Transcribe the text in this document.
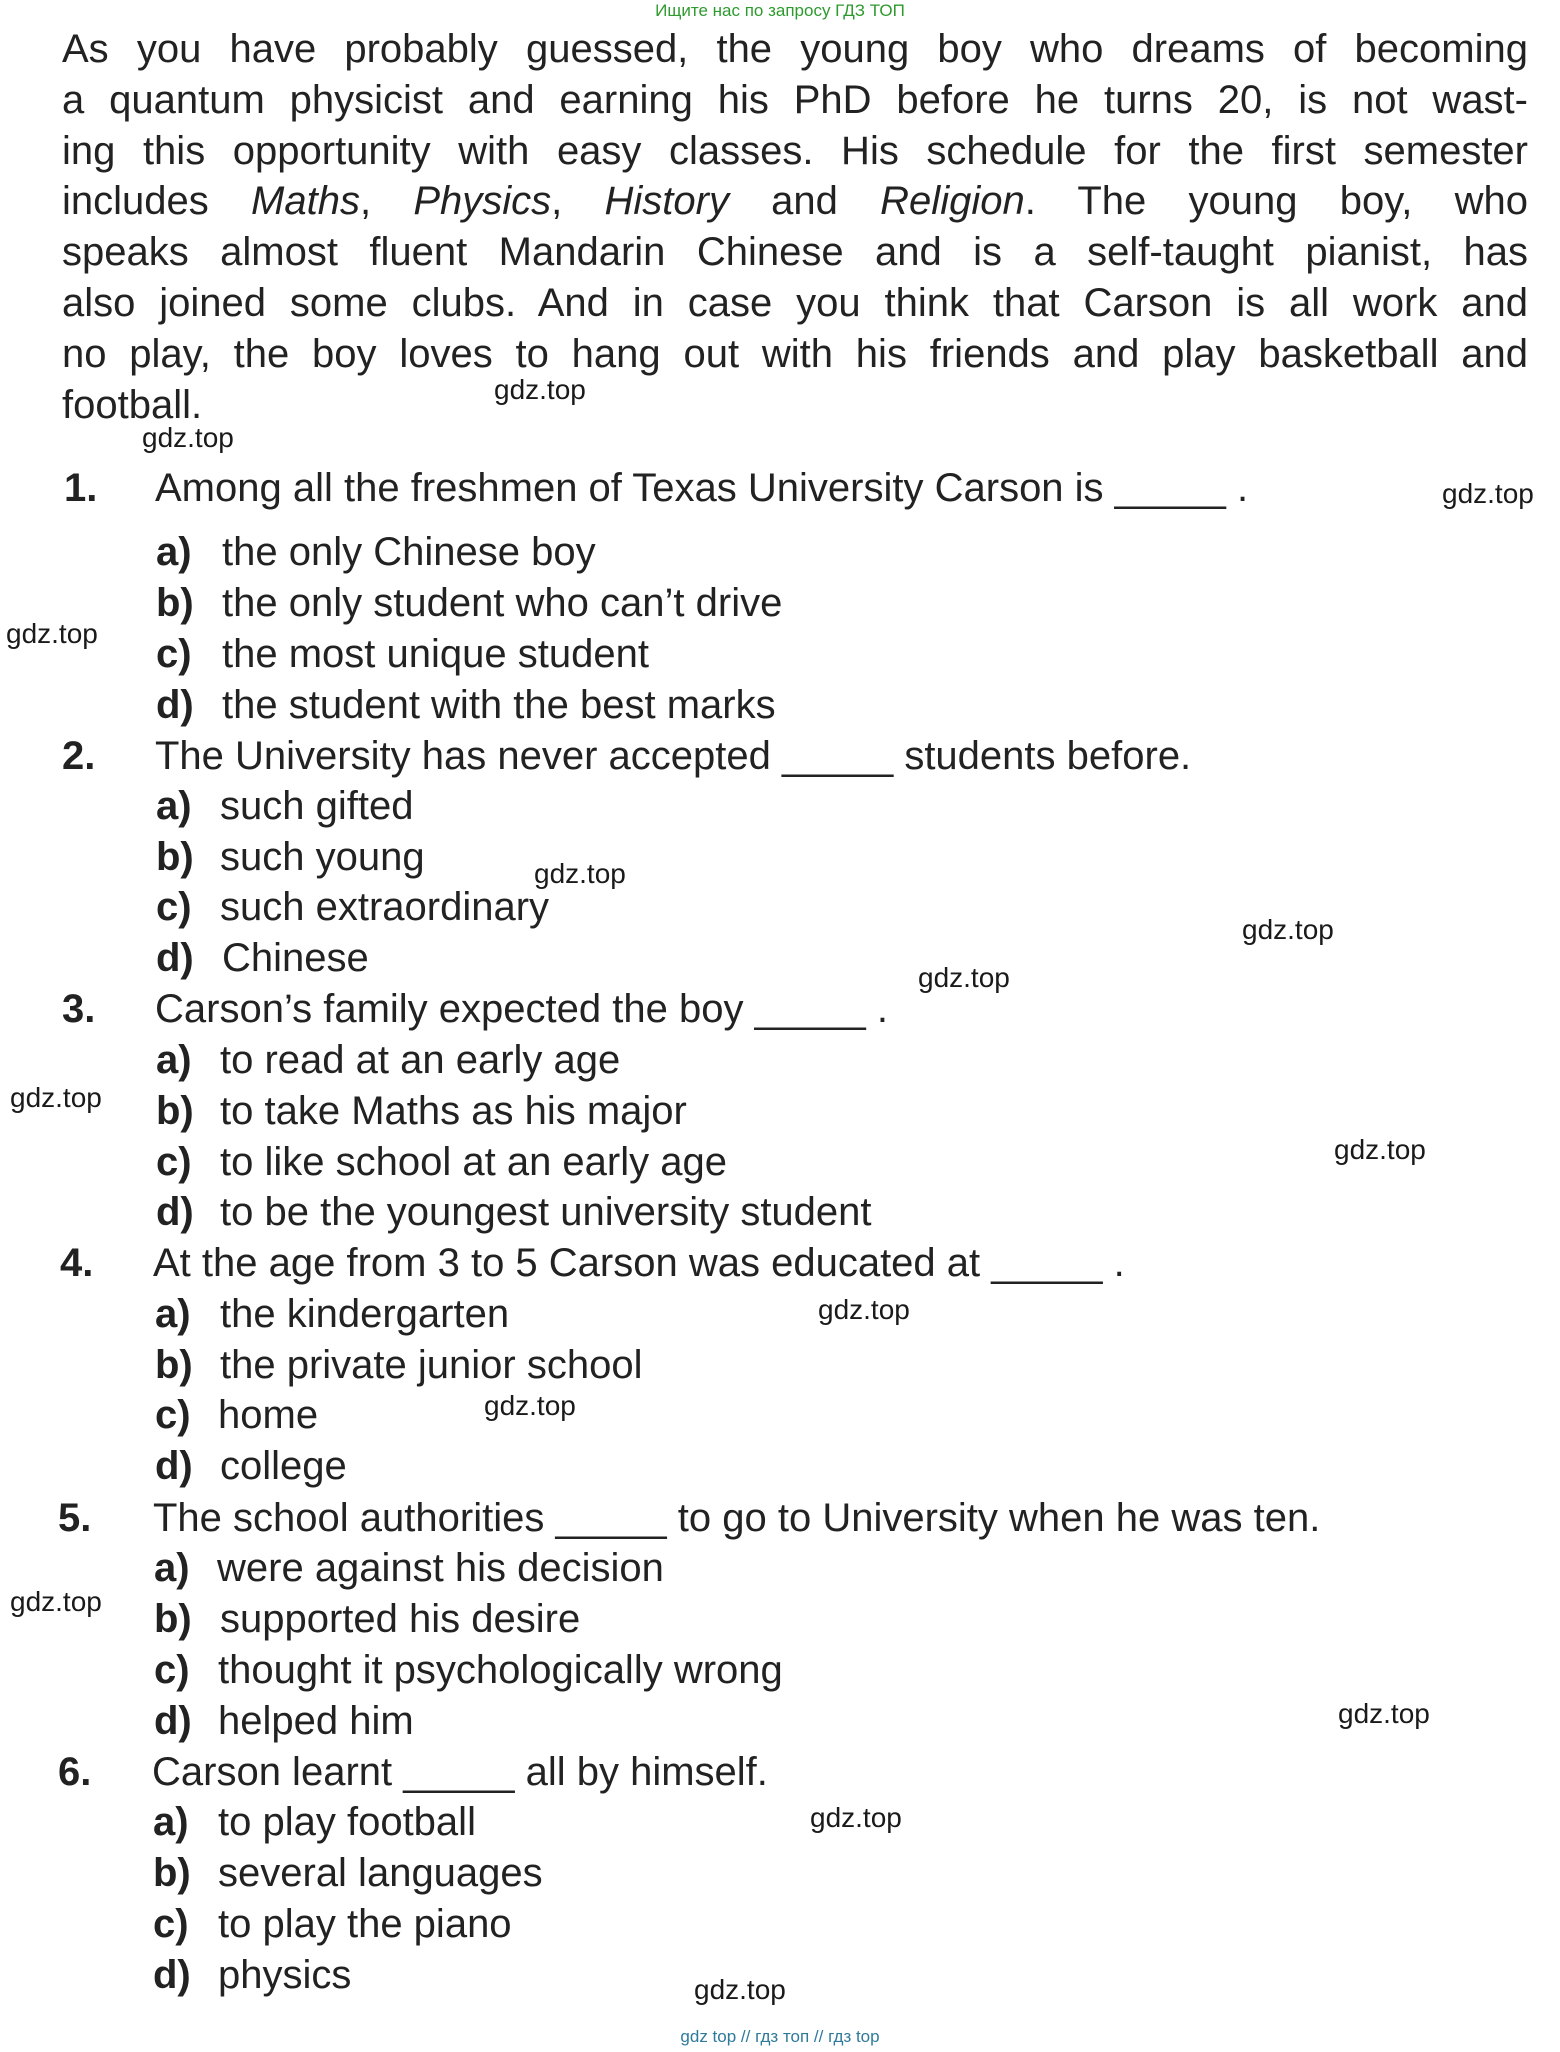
Ищите нас по запросу ГДЗ ТОП
As you have probably guessed, the young boy who dreams of becoming
a quantum physicist and earning his PhD before he turns 20, is not wast-
ing this opportunity with easy classes. His schedule for the first semester
includes Maths, Physics, History and Religion. The young boy, who
speaks almost fluent Mandarin Chinese and is a self-taught pianist, has
also joined some clubs. And in case you think that Carson is all work and
no play, the boy loves to hang out with his friends and play basketball and
football.
1. Among all the freshmen of Texas University Carson is _____ .
a) the only Chinese boy
b) the only student who can’t drive
c) the most unique student
d) the student with the best marks
2. The University has never accepted _____ students before.
a) such gifted
b) such young
c) such extraordinary
d) Chinese
3. Carson’s family expected the boy _____ .
a) to read at an early age
b) to take Maths as his major
c) to like school at an early age
d) to be the youngest university student
4. At the age from 3 to 5 Carson was educated at _____ .
a) the kindergarten
b) the private junior school
c) home
d) college
5. The school authorities _____ to go to University when he was ten.
a) were against his decision
b) supported his desire
c) thought it psychologically wrong
d) helped him
6. Carson learnt _____ all by himself.
a) to play football
b) several languages
c) to play the piano
d) physics
gdz.top
gdz.top
gdz.top
gdz.top
gdz.top
gdz.top
gdz.top
gdz.top
gdz.top
gdz.top
gdz.top
gdz.top
gdz.top
gdz.top
gdz.top
gdz top // гдз топ // гдз top
